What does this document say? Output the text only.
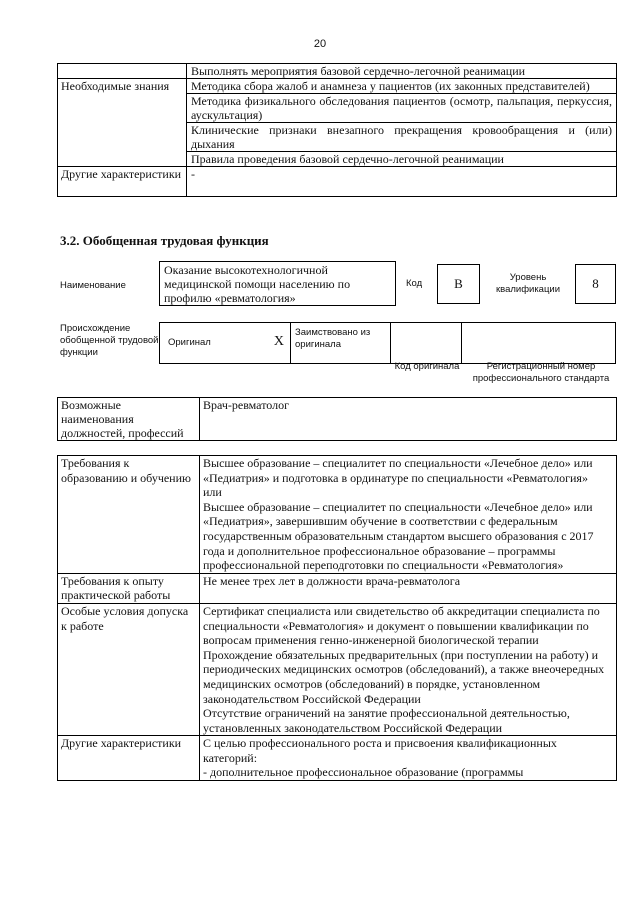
20
	Выполнять мероприятия базовой сердечно-легочной реанимации
Необходимые знания	Методика сбора жалоб и анамнеза у пациентов (их законных представителей)
	Методика физикального обследования пациентов (осмотр, пальпация, перкуссия, аускультация)
	Клинические признаки внезапного прекращения кровообращения и (или) дыхания
	Правила проведения базовой сердечно-легочной реанимации
Другие характеристики	-
3.2. Обобщенная трудовая функция
Наименование
Оказание высокотехнологичной медицинской помощи населению по профилю «ревматология»
Код	B	Уровень квалификации	8
Происхождение обобщенной трудовой функции
Оригинал	X
Заимствовано из оригинала
Код оригинала	Регистрационный номер профессионального стандарта
Возможные наименования должностей, профессий	Врач-ревматолог
Требования к образованию и обучению	Высшее образование – специалитет по специальности «Лечебное дело» или «Педиатрия» и подготовка в ординатуре по специальности «Ревматология»
или
Высшее образование – специалитет по специальности «Лечебное дело» или «Педиатрия», завершившим обучение в соответствии с федеральным государственным образовательным стандартом высшего образования с 2017 года и дополнительное профессиональное образование – программы профессиональной переподготовки по специальности «Ревматология»

Требования к опыту практической работы	Не менее трех лет в должности врача-ревматолога

Особые условия допуска к работе	Сертификат специалиста или свидетельство об аккредитации специалиста по специальности «Ревматология» и документ о повышении квалификации по вопросам применения генно-инженерной биологической терапии
Прохождение обязательных предварительных (при поступлении на работу) и периодических медицинских осмотров (обследований), а также внеочередных медицинских осмотров (обследований) в порядке, установленном законодательством Российской Федерации
Отсутствие ограничений на занятие профессиональной деятельностью, установленных законодательством Российской Федерации

Другие характеристики	С целью профессионального роста и присвоения квалификационных категорий:
- дополнительное профессиональное образование (программы
